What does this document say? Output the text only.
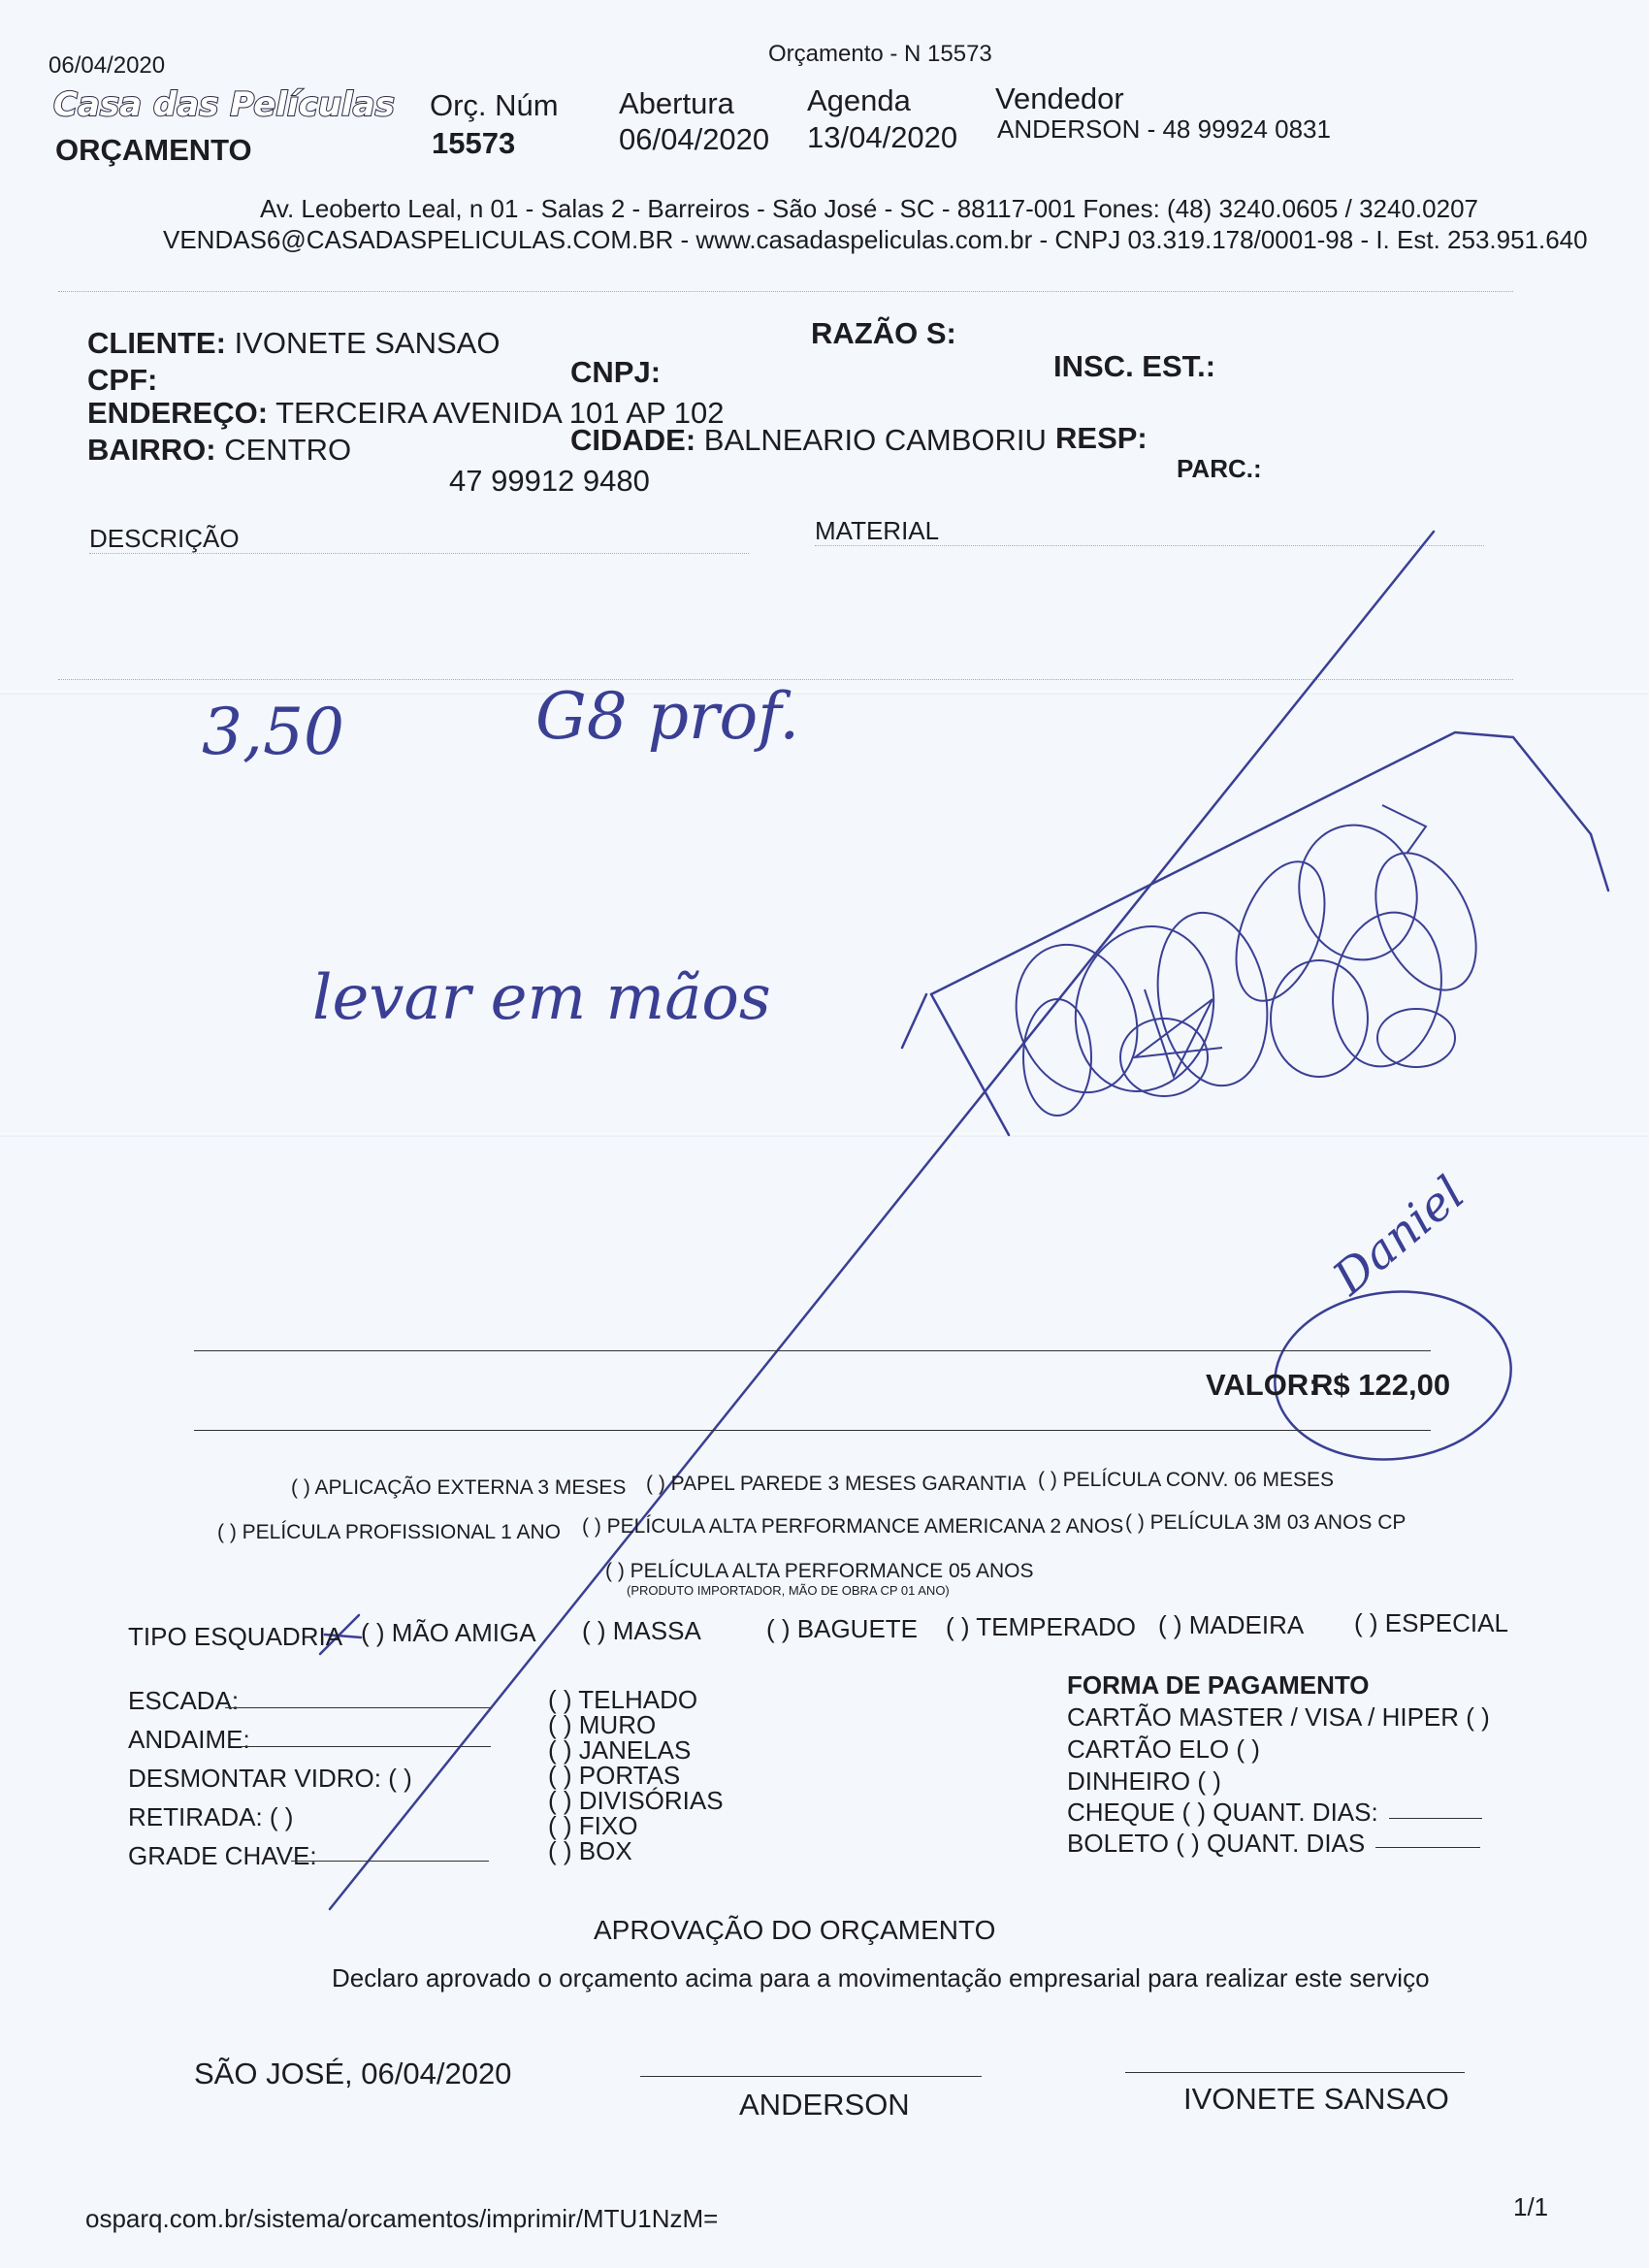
06/04/2020	Orçamento - N 15573
Casa das Películas
ORÇAMENTO
Orç. Núm
15573
Abertura
06/04/2020
Agenda
13/04/2020
Vendedor
ANDERSON - 48 99924 0831
Av. Leoberto Leal, n 01 - Salas 2 - Barreiros - São José - SC - 88117-001 Fones: (48) 3240.0605 / 3240.0207
VENDAS6@CASADASPELICULAS.COM.BR - www.casadaspeliculas.com.br - CNPJ 03.319.178/0001-98 - I. Est. 253.951.640
CLIENTE: IVONETE SANSAO	RAZÃO S:
CPF:	CNPJ:	INSC. EST.:
ENDEREÇO: TERCEIRA AVENIDA 101 AP 102
BAIRRO: CENTRO	CIDADE: BALNEARIO CAMBORIU RESP:
47 99912 9480	PARC.:
DESCRIÇÃO	MATERIAL
3,50	G8 prof.
levar em mãos
Daniel
VALOR:
R$ 122,00
( ) APLICAÇÃO EXTERNA 3 MESES ( ) PAPEL PAREDE 3 MESES GARANTIA ( ) PELÍCULA CONV. 06 MESES
( ) PELÍCULA PROFISSIONAL 1 ANO ( ) PELÍCULA ALTA PERFORMANCE AMERICANA 2 ANOS ( ) PELÍCULA 3M 03 ANOS CP
( ) PELÍCULA ALTA PERFORMANCE 05 ANOS
(PRODUTO IMPORTADOR, MÃO DE OBRA CP 01 ANO)
TIPO ESQUADRIA ( ) MÃO AMIGA ( ) MASSA	( ) BAGUETE ( ) TEMPERADO ( ) MADEIRA ( ) ESPECIAL
ESCADA:
ANDAIME:
DESMONTAR VIDRO: ( )
RETIRADA: ( )
GRADE CHAVE:
( ) TELHADO
( ) MURO
( ) JANELAS
( ) PORTAS
( ) DIVISÓRIAS
( ) FIXO
( ) BOX
FORMA DE PAGAMENTO
CARTÃO MASTER / VISA / HIPER ( )
CARTÃO ELO ( )
DINHEIRO ( )
CHEQUE ( ) QUANT. DIAS:
BOLETO ( ) QUANT. DIAS
APROVAÇÃO DO ORÇAMENTO
Declaro aprovado o orçamento acima para a movimentação empresarial para realizar este serviço
SÃO JOSÉ, 06/04/2020
ANDERSON	IVONETE SANSAO
osparq.com.br/sistema/orcamentos/imprimir/MTU1NzM=	1/1
